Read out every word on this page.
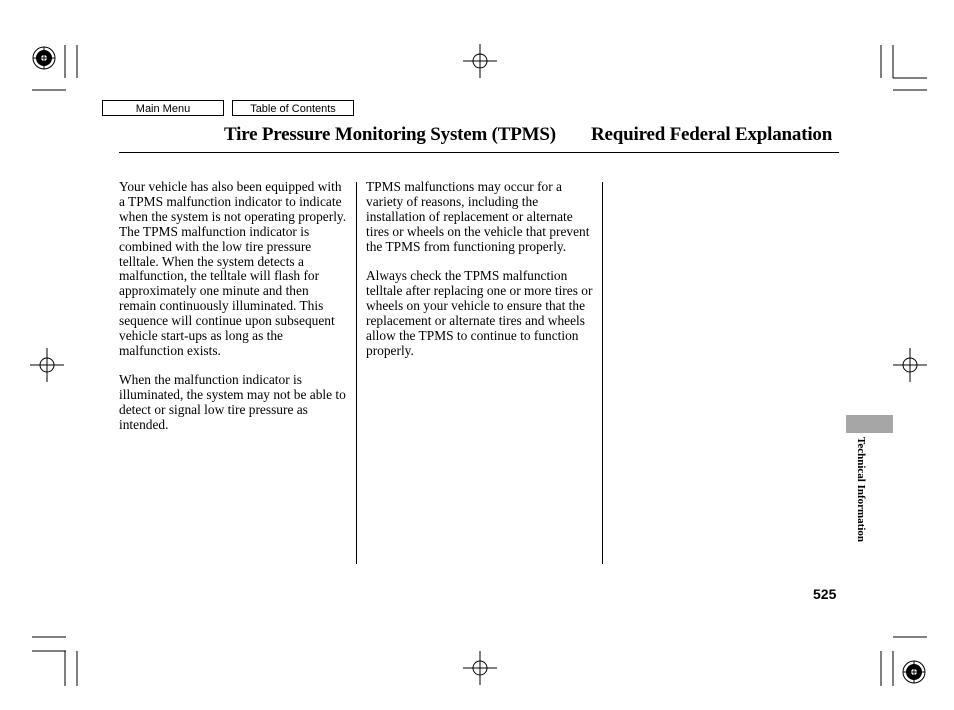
Main Menu	Table of Contents
Tire Pressure Monitoring System (TPMS) Required Federal Explanation

Your vehicle has also been equipped with a TPMS malfunction indicator to indicate when the system is not operating properly. The TPMS malfunction indicator is combined with the low tire pressure telltale. When the system detects a malfunction, the telltale will flash for approximately one minute and then remain continuously illuminated. This sequence will continue upon subsequent vehicle start-ups as long as the malfunction exists.

When the malfunction indicator is illuminated, the system may not be able to detect or signal low tire pressure as intended.

TPMS malfunctions may occur for a variety of reasons, including the installation of replacement or alternate tires or wheels on the vehicle that prevent the TPMS from functioning properly.

Always check the TPMS malfunction telltale after replacing one or more tires or wheels on your vehicle to ensure that the replacement or alternate tires and wheels allow the TPMS to continue to function properly.

Technical Information
525
